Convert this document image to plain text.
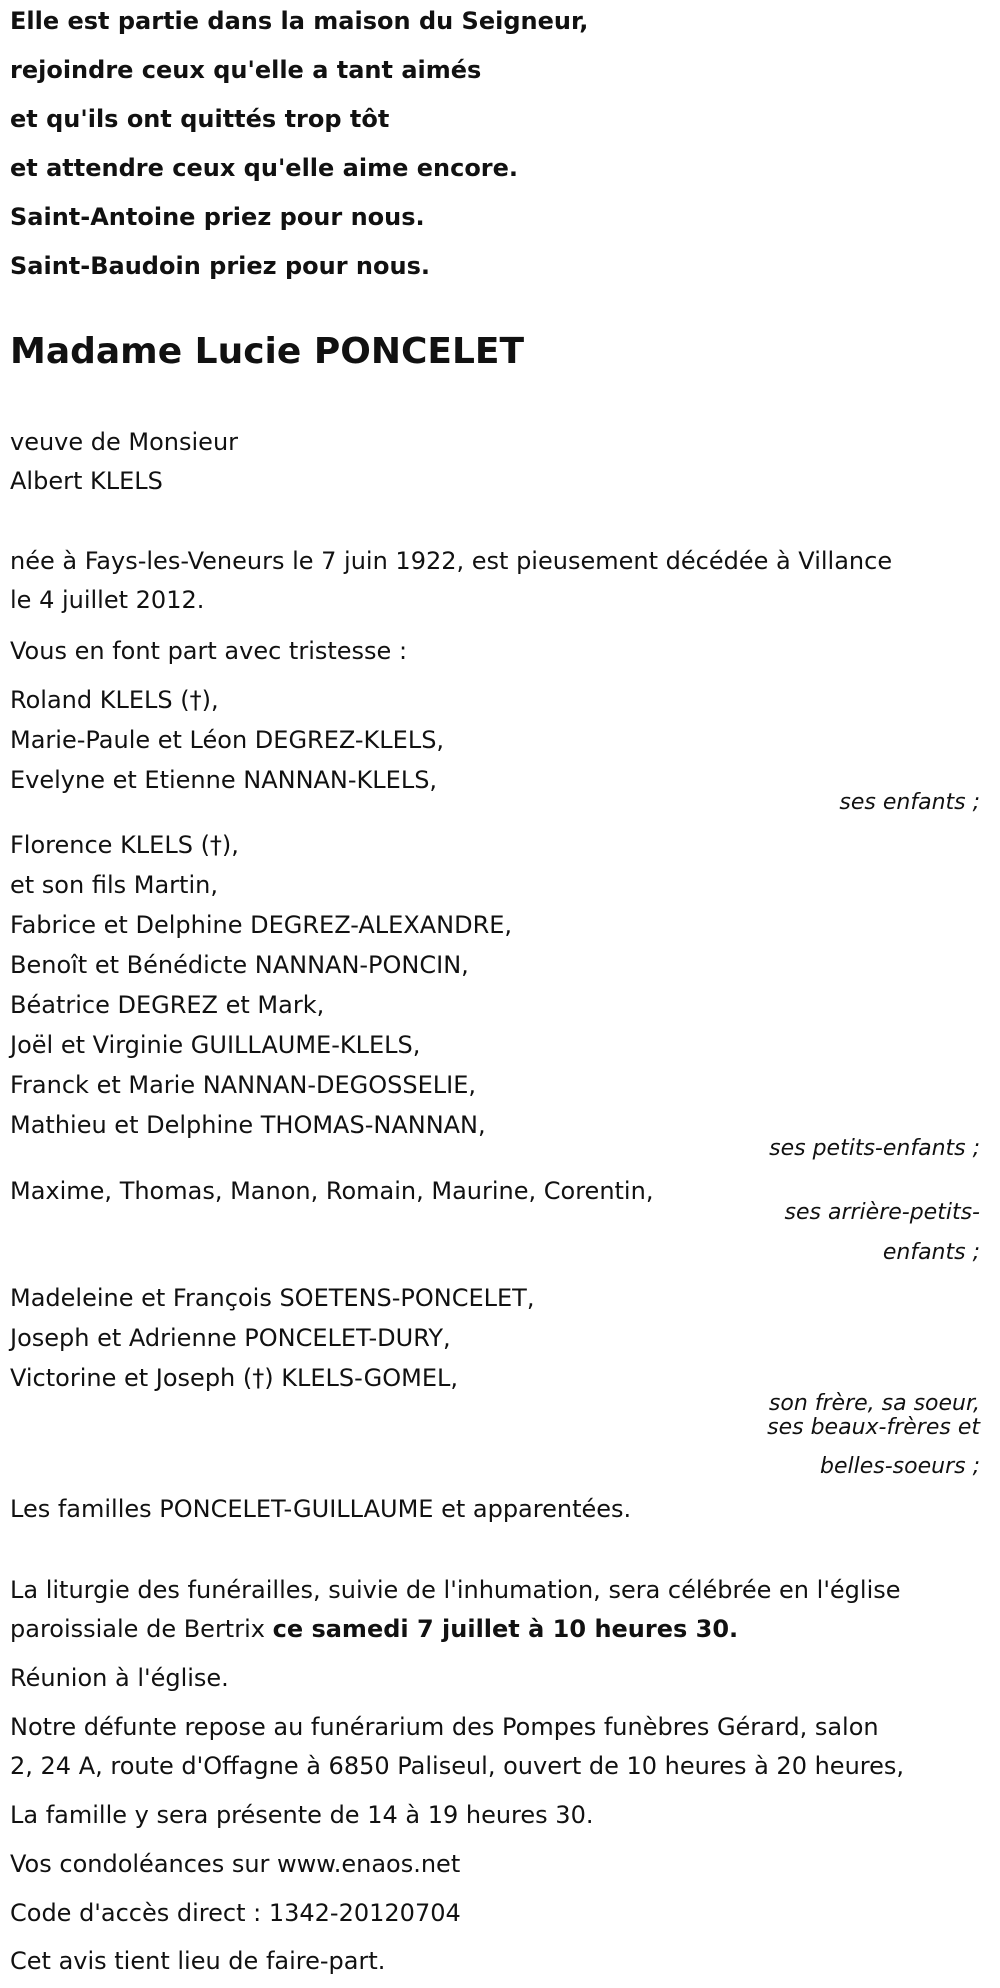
Elle est partie dans la maison du Seigneur,
rejoindre ceux qu'elle a tant aimés
et qu'ils ont quittés trop tôt
et attendre ceux qu'elle aime encore.
Saint-Antoine priez pour nous.
Saint-Baudoin priez pour nous.
Madame Lucie PONCELET
veuve de Monsieur
Albert KLELS
née à Fays-les-Veneurs le 7 juin 1922, est pieusement décédée à Villance
le 4 juillet 2012.
Vous en font part avec tristesse :
Roland KLELS (†),
Marie-Paule et Léon DEGREZ-KLELS,
Evelyne et Etienne NANNAN-KLELS,
ses enfants ;
Florence KLELS (†),
et son fils Martin,
Fabrice et Delphine DEGREZ-ALEXANDRE,
Benoît et Bénédicte NANNAN-PONCIN,
Béatrice DEGREZ et Mark,
Joël et Virginie GUILLAUME-KLELS,
Franck et Marie NANNAN-DEGOSSELIE,
Mathieu et Delphine THOMAS-NANNAN,
ses petits-enfants ;
Maxime, Thomas, Manon, Romain, Maurine, Corentin,
ses arrière-petits-
enfants ;
Madeleine et François SOETENS-PONCELET,
Joseph et Adrienne PONCELET-DURY,
Victorine et Joseph (†) KLELS-GOMEL,
son frère, sa soeur,
ses beaux-frères et
belles-soeurs ;
Les familles PONCELET-GUILLAUME et apparentées.
La liturgie des funérailles, suivie de l'inhumation, sera célébrée en l'église
paroissiale de Bertrix ce samedi 7 juillet à 10 heures 30.
Réunion à l'église.
Notre défunte repose au funérarium des Pompes funèbres Gérard, salon
2, 24 A, route d'Offagne à 6850 Paliseul, ouvert de 10 heures à 20 heures,
La famille y sera présente de 14 à 19 heures 30.
Vos condoléances sur www.enaos.net
Code d'accès direct : 1342-20120704
Cet avis tient lieu de faire-part.
